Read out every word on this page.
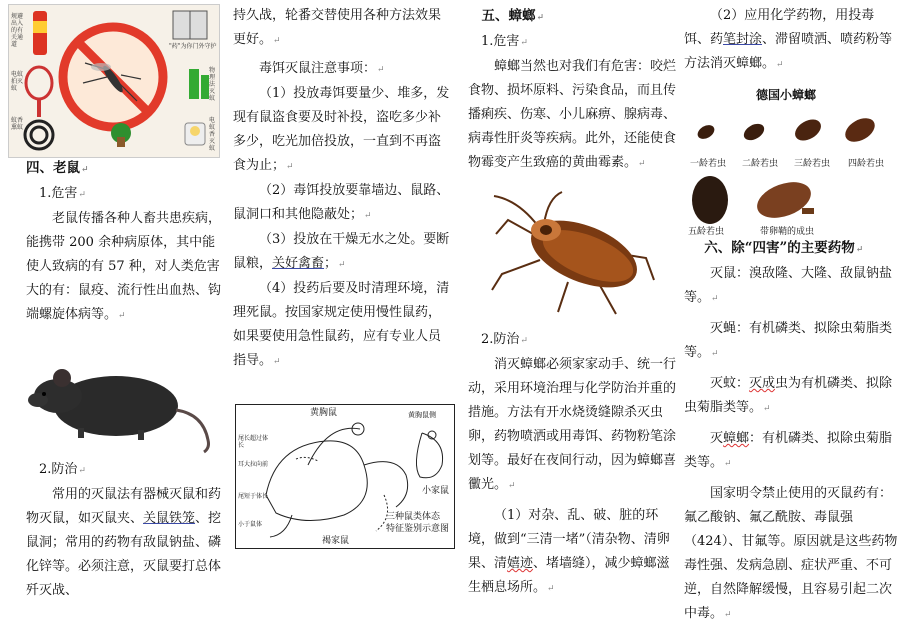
规避出入的有关通道
电蚊拍灭蚊
蚊香熏蚊
"药"为你门外守护
物理法灭蚊
电蚊香灭蚊

四、老鼠 ↵

1.危害 ↵

老鼠传播各种人畜共患疾病，能携带 200 余种病原体，其中能使人致病的有 57 种，对人类危害大的有：鼠疫、流行性出血热、钩端螺旋体病等。 ↵

2.防治 ↵

常用的灭鼠法有器械灭鼠和药物灭鼠，如灭鼠夹、关鼠铁笼、挖鼠洞；常用的药物有敌鼠钠盐、磷化锌等。必须注意，灭鼠要打总体歼灭战、

持久战，轮番交替使用各种方法效果更好。 ↵

毒饵灭鼠注意事项： ↵

（1）投放毒饵要量少、堆多，发现有鼠盗食要及时补投，盗吃多少补多少，吃光加倍投放，一直到不再盗食为止； ↵

（2）毒饵投放要靠墙边、鼠路、鼠洞口和其他隐蔽处； ↵

（3）投放在干燥无水之处。要断鼠粮，关好禽畜； ↵

（4）投药后要及时清理环境，清理死鼠。按国家规定使用慢性鼠药，如果要使用急性鼠药，应有专业人员指导。 ↵

黄胸鼠
褐家鼠
小家鼠
尾长超过体长
耳大拉向前
尾短于体长
小于鼠体
黄胸鼠侧
三种鼠类体态
特征鉴别示意图

五、蟑螂 ↵

1.危害 ↵

蟑螂当然也对我们有危害：咬烂食物、损坏原料、污染食品，而且传播痢疾、伤寒、小儿麻痹、腺病毒、病毒性肝炎等疾病。此外，还能使食物霉变产生致癌的黄曲霉素。 ↵

2.防治 ↵

消灭蟑螂必须家家动手、统一行动，采用环境治理与化学防治并重的措施。方法有开水烧烫缝隙杀灭虫卵，药物喷洒或用毒饵、药物粉笔涂划等。最好在夜间行动，因为蟑螂喜黴光。 ↵

（1）对杂、乱、破、脏的环境，做到“三清一堵”（清杂物、清卵果、清嬉迹、堵墙缝），减少蟑螂滋生栖息场所。 ↵

（2）应用化学药物，用投毒饵、药笔封涂、滞留喷洒、喷药粉等方法消灭蟑螂。 ↵

德国小蟑螂
一龄若虫 二龄若虫 三龄若虫 四龄若虫
五龄若虫	带卵鞘的成虫

六、除“四害”的主要药物 ↵

灭鼠：溴敌隆、大隆、敌鼠钠盐等。 ↵

灭蝇：有机磷类、拟除虫菊脂类等。 ↵

灭蚊：灭成虫为有机磷类、拟除虫菊脂类等。 ↵

灭蟑螂：有机磷类、拟除虫菊脂类等。 ↵

国家明令禁止使用的灭鼠药有：氟乙酸钠、氟乙酰胺、毒鼠强（424）、甘氟等。原因就是这些药物毒性强、发病急剧、症状严重、不可逆，自然降解缓慢，且容易引起二次中毒。 ↵
